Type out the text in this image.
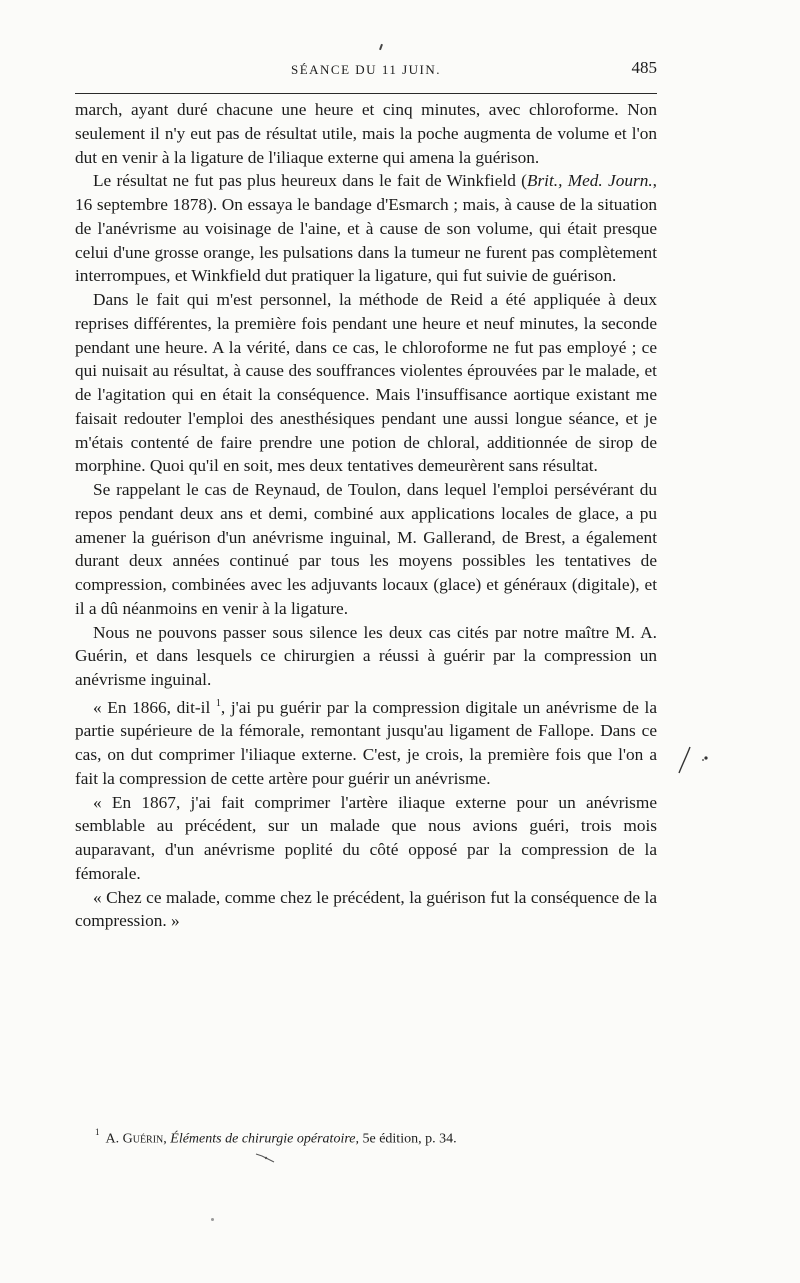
SÉANCE DU 11 JUIN.	485

march, ayant duré chacune une heure et cinq minutes, avec chloroforme. Non seulement il n'y eut pas de résultat utile, mais la poche augmenta de volume et l'on dut en venir à la ligature de l'iliaque externe qui amena la guérison.

Le résultat ne fut pas plus heureux dans le fait de Winkfield (Brit., Med. Journ., 16 septembre 1878). On essaya le bandage d'Esmarch ; mais, à cause de la situation de l'anévrisme au voisinage de l'aine, et à cause de son volume, qui était presque celui d'une grosse orange, les pulsations dans la tumeur ne furent pas complètement interrompues, et Winkfield dut pratiquer la ligature, qui fut suivie de guérison.

Dans le fait qui m'est personnel, la méthode de Reid a été appliquée à deux reprises différentes, la première fois pendant une heure et neuf minutes, la seconde pendant une heure. A la vérité, dans ce cas, le chloroforme ne fut pas employé ; ce qui nuisait au résultat, à cause des souffrances violentes éprouvées par le malade, et de l'agitation qui en était la conséquence. Mais l'insuffisance aortique existant me faisait redouter l'emploi des anesthésiques pendant une aussi longue séance, et je m'étais contenté de faire prendre une potion de chloral, additionnée de sirop de morphine. Quoi qu'il en soit, mes deux tentatives demeurèrent sans résultat.

Se rappelant le cas de Reynaud, de Toulon, dans lequel l'emploi persévérant du repos pendant deux ans et demi, combiné aux applications locales de glace, a pu amener la guérison d'un anévrisme inguinal, M. Gallerand, de Brest, a également durant deux années continué par tous les moyens possibles les tentatives de compression, combinées avec les adjuvants locaux (glace) et généraux (digitale), et il a dû néanmoins en venir à la ligature.

Nous ne pouvons passer sous silence les deux cas cités par notre maître M. A. Guérin, et dans lesquels ce chirurgien a réussi à guérir par la compression un anévrisme inguinal.

« En 1866, dit-il $^1$, j'ai pu guérir par la compression digitale un anévrisme de la partie supérieure de la fémorale, remontant jusqu'au ligament de Fallope. Dans ce cas, on dut comprimer l'iliaque externe. C'est, je crois, la première fois que l'on a fait la compression de cette artère pour guérir un anévrisme.

« En 1867, j'ai fait comprimer l'artère iliaque externe pour un anévrisme semblable au précédent, sur un malade que nous avions guéri, trois mois auparavant, d'un anévrisme poplité du côté opposé par la compression de la fémorale.

« Chez ce malade, comme chez le précédent, la guérison fut la conséquence de la compression. »

$^1$ A. Guérin, Éléments de chirurgie opératoire, 5e édition, p. 34.
